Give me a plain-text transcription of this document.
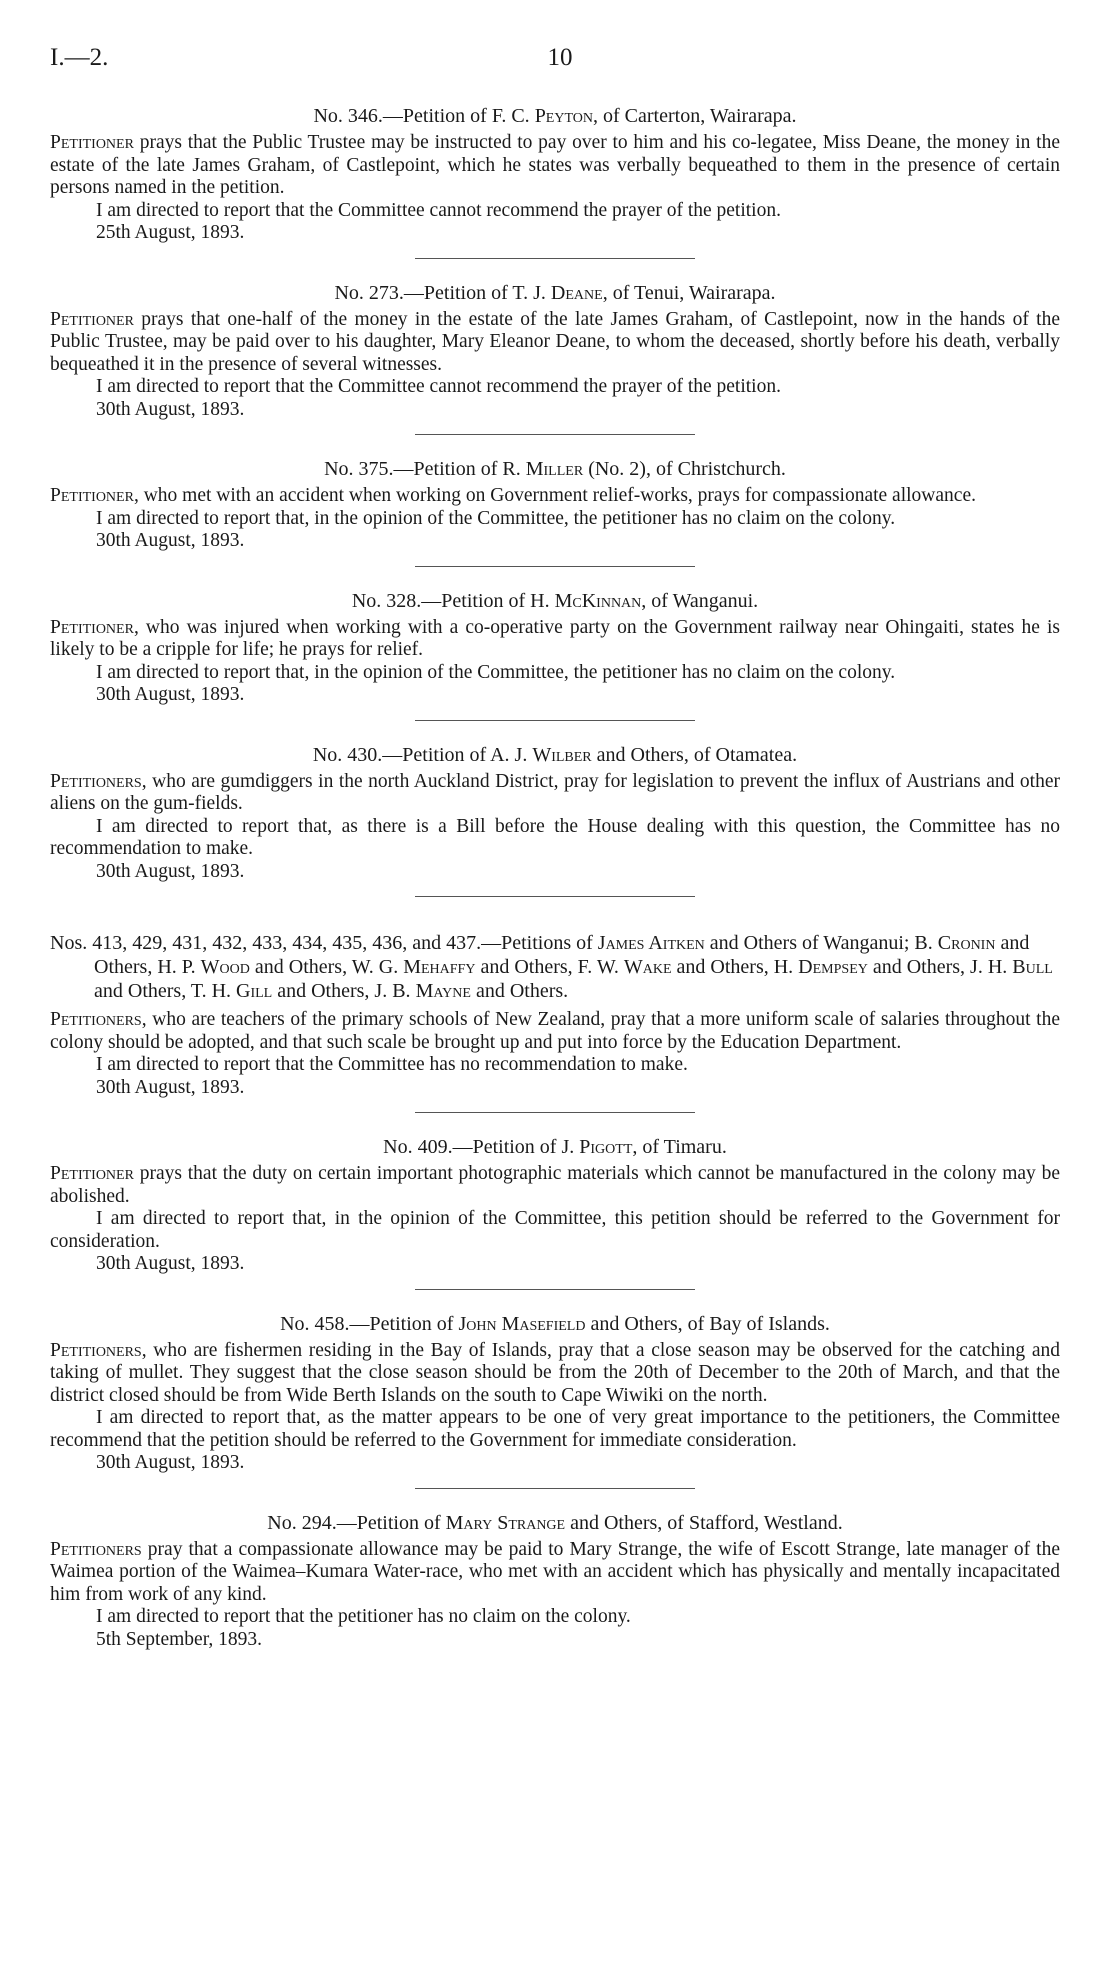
I.—2.	10
No. 346.—Petition of F. C. Peyton, of Carterton, Wairarapa.

Petitioner prays that the Public Trustee may be instructed to pay over to him and his co-legatee, Miss Deane, the money in the estate of the late James Graham, of Castlepoint, which he states was verbally bequeathed to them in the presence of certain persons named in the petition.

I am directed to report that the Committee cannot recommend the prayer of the petition.

25th August, 1893.

No. 273.—Petition of T. J. Deane, of Tenui, Wairarapa.

Petitioner prays that one-half of the money in the estate of the late James Graham, of Castlepoint, now in the hands of the Public Trustee, may be paid over to his daughter, Mary Eleanor Deane, to whom the deceased, shortly before his death, verbally bequeathed it in the presence of several witnesses.

I am directed to report that the Committee cannot recommend the prayer of the petition.

30th August, 1893.

No. 375.—Petition of R. Miller (No. 2), of Christchurch.

Petitioner, who met with an accident when working on Government relief-works, prays for compassionate allowance.

I am directed to report that, in the opinion of the Committee, the petitioner has no claim on the colony.

30th August, 1893.

No. 328.—Petition of H. McKinnan, of Wanganui.

Petitioner, who was injured when working with a co-operative party on the Government railway near Ohingaiti, states he is likely to be a cripple for life; he prays for relief.

I am directed to report that, in the opinion of the Committee, the petitioner has no claim on the colony.

30th August, 1893.

No. 430.—Petition of A. J. Wilber and Others, of Otamatea.

Petitioners, who are gumdiggers in the north Auckland District, pray for legislation to prevent the influx of Austrians and other aliens on the gum-fields.

I am directed to report that, as there is a Bill before the House dealing with this question, the Committee has no recommendation to make.

30th August, 1893.

Nos. 413, 429, 431, 432, 433, 434, 435, 436, and 437.—Petitions of James Aitken and Others of Wanganui; B. Cronin and Others, H. P. Wood and Others, W. G. Mehaffy and Others, F. W. Wake and Others, H. Dempsey and Others, J. H. Bull and Others, T. H. Gill and Others, J. B. Mayne and Others.

Petitioners, who are teachers of the primary schools of New Zealand, pray that a more uniform scale of salaries throughout the colony should be adopted, and that such scale be brought up and put into force by the Education Department.

I am directed to report that the Committee has no recommendation to make.

30th August, 1893.

No. 409.—Petition of J. Pigott, of Timaru.

Petitioner prays that the duty on certain important photographic materials which cannot be manufactured in the colony may be abolished.

I am directed to report that, in the opinion of the Committee, this petition should be referred to the Government for consideration.

30th August, 1893.

No. 458.—Petition of John Masefield and Others, of Bay of Islands.

Petitioners, who are fishermen residing in the Bay of Islands, pray that a close season may be observed for the catching and taking of mullet. They suggest that the close season should be from the 20th of December to the 20th of March, and that the district closed should be from Wide Berth Islands on the south to Cape Wiwiki on the north.

I am directed to report that, as the matter appears to be one of very great importance to the petitioners, the Committee recommend that the petition should be referred to the Government for immediate consideration.

30th August, 1893.

No. 294.—Petition of Mary Strange and Others, of Stafford, Westland.

Petitioners pray that a compassionate allowance may be paid to Mary Strange, the wife of Escott Strange, late manager of the Waimea portion of the Waimea–Kumara Water-race, who met with an accident which has physically and mentally incapacitated him from work of any kind.

I am directed to report that the petitioner has no claim on the colony.

5th September, 1893.
